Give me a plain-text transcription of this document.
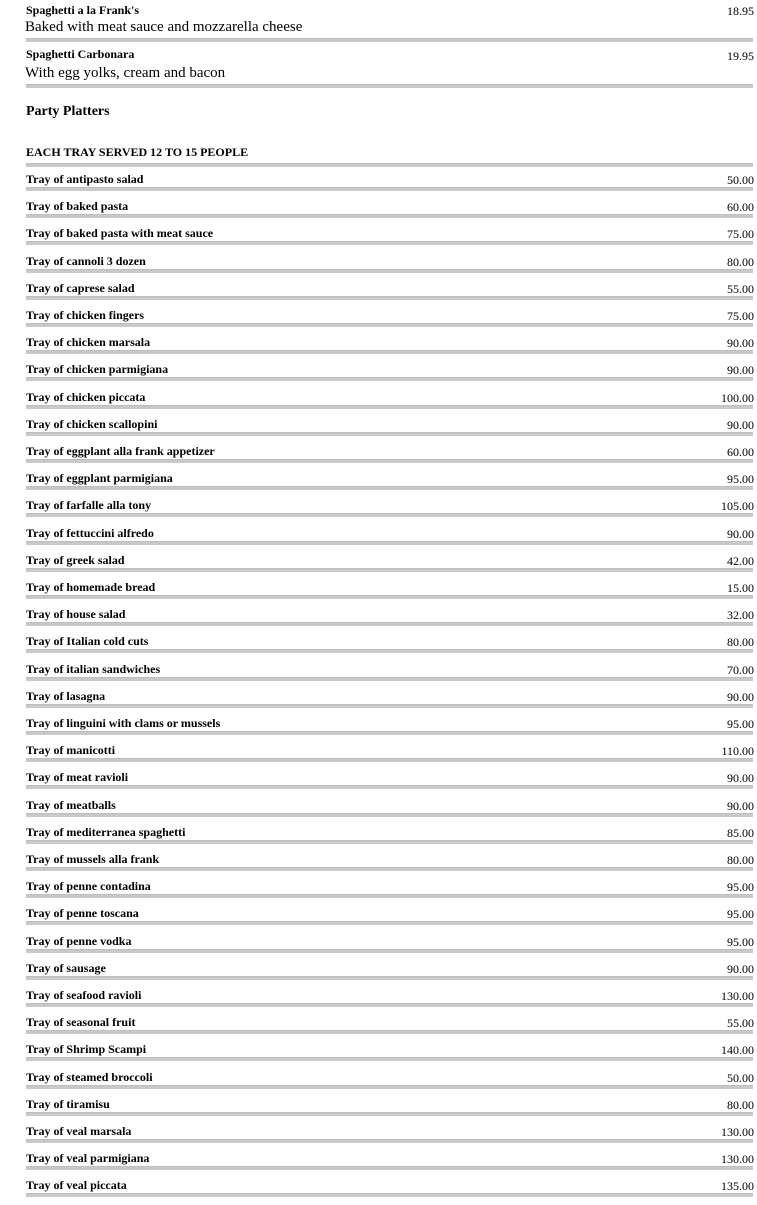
Spaghetti a la Frank's	18.95
Baked with meat sauce and mozzarella cheese
Spaghetti Carbonara	19.95
With egg yolks, cream and bacon
Party Platters
EACH TRAY SERVED 12 TO 15 PEOPLE
Tray of antipasto salad	50.00
Tray of baked pasta	60.00
Tray of baked pasta with meat sauce	75.00
Tray of cannoli 3 dozen	80.00
Tray of caprese salad	55.00
Tray of chicken fingers	75.00
Tray of chicken marsala	90.00
Tray of chicken parmigiana	90.00
Tray of chicken piccata	100.00
Tray of chicken scallopini	90.00
Tray of eggplant alla frank appetizer	60.00
Tray of eggplant parmigiana	95.00
Tray of farfalle alla tony	105.00
Tray of fettuccini alfredo	90.00
Tray of greek salad	42.00
Tray of homemade bread	15.00
Tray of house salad	32.00
Tray of Italian cold cuts	80.00
Tray of italian sandwiches	70.00
Tray of lasagna	90.00
Tray of linguini with clams or mussels	95.00
Tray of manicotti	110.00
Tray of meat ravioli	90.00
Tray of meatballs	90.00
Tray of mediterranea spaghetti	85.00
Tray of mussels alla frank	80.00
Tray of penne contadina	95.00
Tray of penne toscana	95.00
Tray of penne vodka	95.00
Tray of sausage	90.00
Tray of seafood ravioli	130.00
Tray of seasonal fruit	55.00
Tray of Shrimp Scampi	140.00
Tray of steamed broccoli	50.00
Tray of tiramisu	80.00
Tray of veal marsala	130.00
Tray of veal parmigiana	130.00
Tray of veal piccata	135.00
